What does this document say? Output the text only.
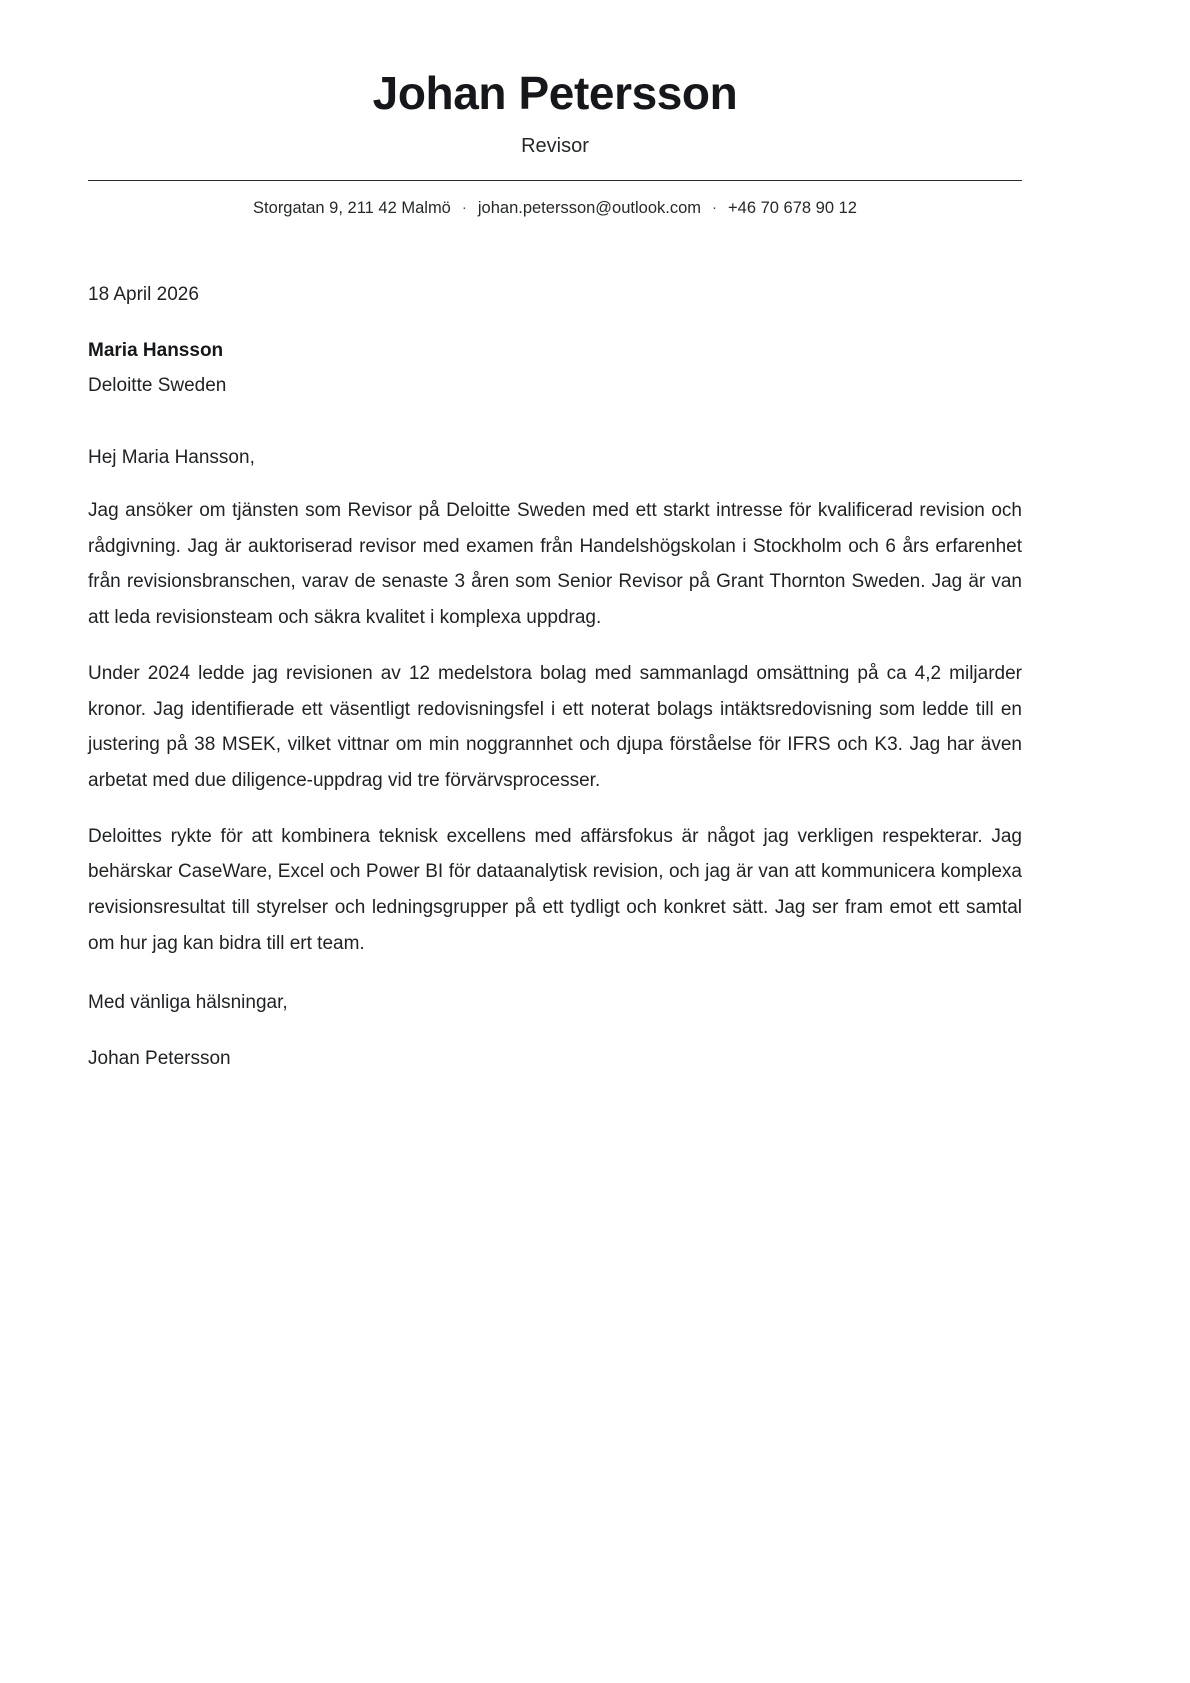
Johan Petersson
Revisor
Storgatan 9, 211 42 Malmö · johan.petersson@outlook.com · +46 70 678 90 12
18 April 2026
Maria Hansson
Deloitte Sweden
Hej Maria Hansson,

Jag ansöker om tjänsten som Revisor på Deloitte Sweden med ett starkt intresse för kvalificerad revision och rådgivning. Jag är auktoriserad revisor med examen från Handelshögskolan i Stockholm och 6 års erfarenhet från revisionsbranschen, varav de senaste 3 åren som Senior Revisor på Grant Thornton Sweden. Jag är van att leda revisionsteam och säkra kvalitet i komplexa uppdrag.

Under 2024 ledde jag revisionen av 12 medelstora bolag med sammanlagd omsättning på ca 4,2 miljarder kronor. Jag identifierade ett väsentligt redovisningsfel i ett noterat bolags intäktsredovisning som ledde till en justering på 38 MSEK, vilket vittnar om min noggrannhet och djupa förståelse för IFRS och K3. Jag har även arbetat med due diligence-uppdrag vid tre förvärvsprocesser.

Deloittes rykte för att kombinera teknisk excellens med affärsfokus är något jag verkligen respekterar. Jag behärskar CaseWare, Excel och Power BI för dataanalytisk revision, och jag är van att kommunicera komplexa revisionsresultat till styrelser och ledningsgrupper på ett tydligt och konkret sätt. Jag ser fram emot ett samtal om hur jag kan bidra till ert team.

Med vänliga hälsningar,
Johan Petersson
